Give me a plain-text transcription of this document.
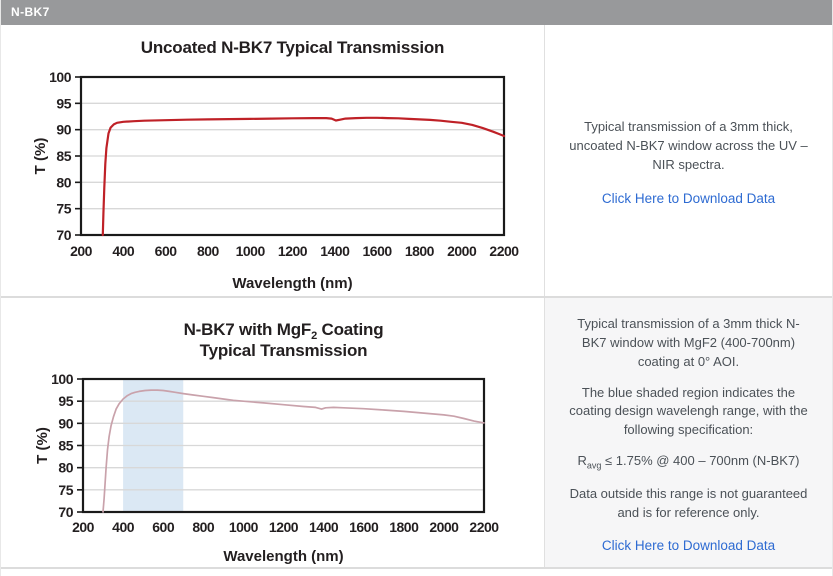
N-BK7
70
75
80
85
90
95
100
200 400 600 800 1000 1200 1400 1600 1800 2000 2200
Uncoated N-BK7 Typical Transmission
Wavelength (nm)
T (%)

Typical transmission of a 3mm thick, uncoated N-BK7 window across the UV – NIR spectra.

Click Here to Download Data
70
75
80
85
90
95
100
200 400 600 800 1000 1200 1400 1600 1800 2000 2200
N-BK7 with MgF$_2$ Coating
Typical Transmission
Wavelength (nm)
T (%)

Typical transmission of a 3mm thick N-BK7 window with MgF2 (400-700nm) coating at 0° AOI.

The blue shaded region indicates the coating design wavelengh range, with the following specification:

$R_{avg} \le 1.75\%$ @ 400 – 700nm (N-BK7)

Data outside this range is not guaranteed and is for reference only.

Click Here to Download Data
